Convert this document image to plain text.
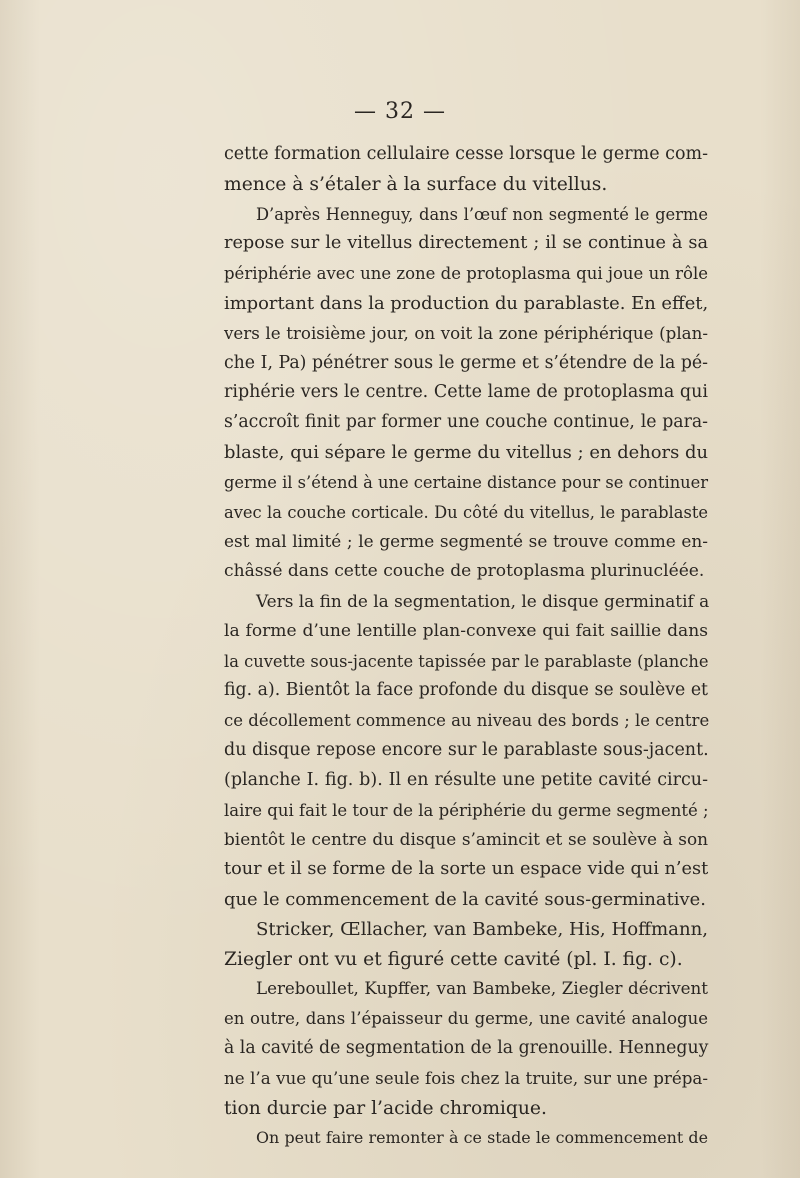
— 32 —
cette formation cellulaire cesse lorsque le germe com-
mence à s’étaler à la surface du vitellus.
D’après Henneguy, dans l’œuf non segmenté le germe
repose sur le vitellus directement ; il se continue à sa
périphérie avec une zone de protoplasma qui joue un rôle
important dans la production du parablaste. En effet,
vers le troisième jour, on voit la zone périphérique (plan-
che I, Pa) pénétrer sous le germe et s’étendre de la pé-
riphérie vers le centre. Cette lame de protoplasma qui
s’accroît finit par former une couche continue, le para-
blaste, qui sépare le germe du vitellus ; en dehors du
germe il s’étend à une certaine distance pour se continuer
avec la couche corticale. Du côté du vitellus, le parablaste
est mal limité ; le germe segmenté se trouve comme en-
châssé dans cette couche de protoplasma plurinucléée.
Vers la fin de la segmentation, le disque germinatif a
la forme d’une lentille plan-convexe qui fait saillie dans
la cuvette sous-jacente tapissée par le parablaste (planche
fig. a). Bientôt la face profonde du disque se soulève et
ce décollement commence au niveau des bords ; le centre
du disque repose encore sur le parablaste sous-jacent.
(planche I. fig. b). Il en résulte une petite cavité circu-
laire qui fait le tour de la périphérie du germe segmenté ;
bientôt le centre du disque s’amincit et se soulève à son
tour et il se forme de la sorte un espace vide qui n’est
que le commencement de la cavité sous-germinative.
Stricker, Œllacher, van Bambeke, His, Hoffmann,
Ziegler ont vu et figuré cette cavité (pl. I. fig. c).
Lereboullet, Kupffer, van Bambeke, Ziegler décrivent
en outre, dans l’épaisseur du germe, une cavité analogue
à la cavité de segmentation de la grenouille. Henneguy
ne l’a vue qu’une seule fois chez la truite, sur une prépa-
tion durcie par l’acide chromique.
On peut faire remonter à ce stade le commencement de
